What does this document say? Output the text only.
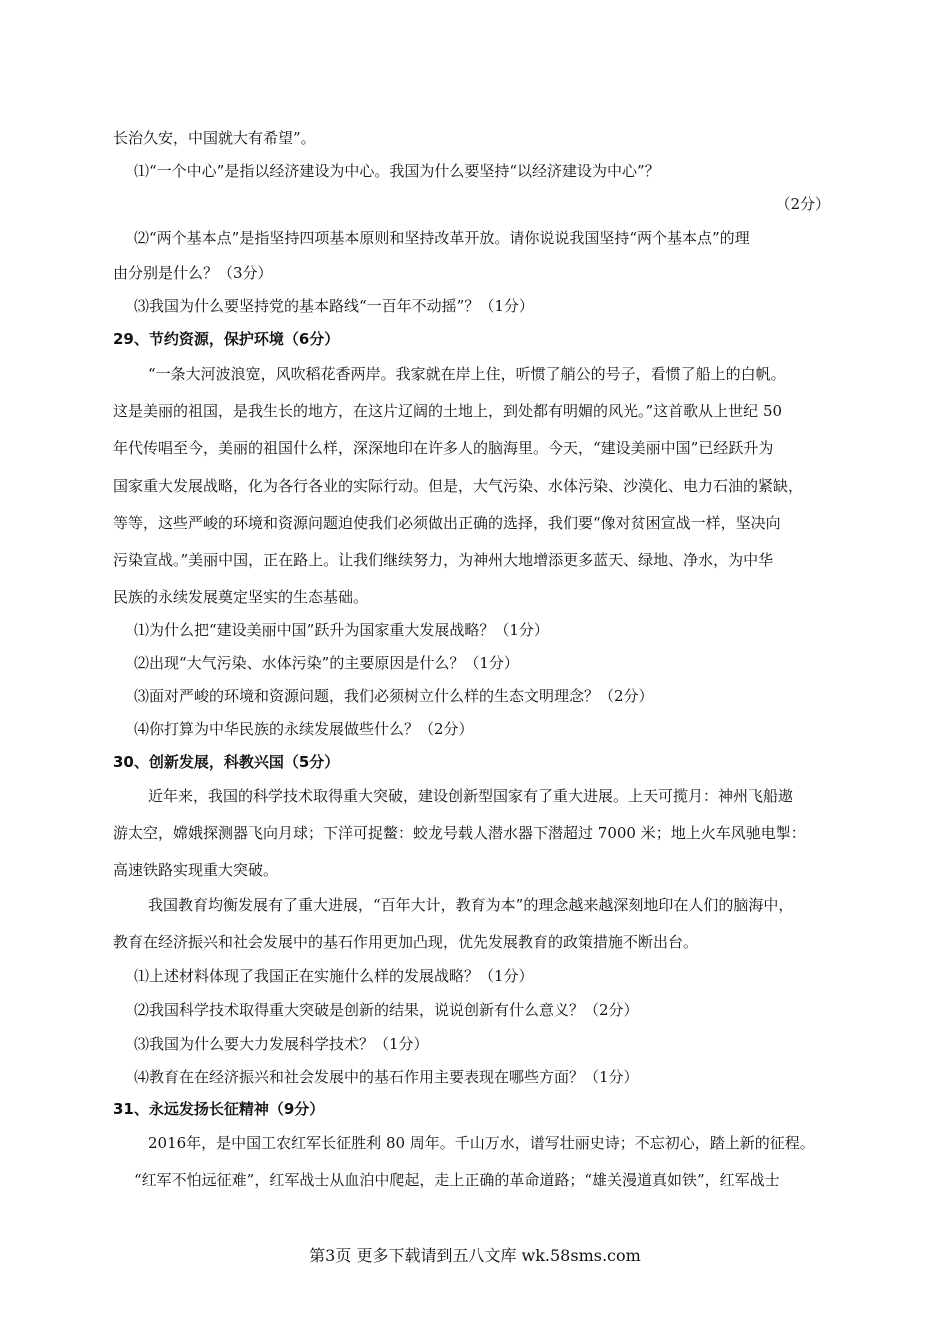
长治久安，中国就大有希望”。
⑴“一个中心”是指以经济建设为中心。我国为什么要坚持“以经济建设为中心”？
（2分）
⑵“两个基本点”是指坚持四项基本原则和坚持改革开放。请你说说我国坚持“两个基本点”的理
由分别是什么？（3分）
⑶我国为什么要坚持党的基本路线“一百年不动摇”？（1分）
29、节约资源，保护环境（6分）
“一条大河波浪宽，风吹稻花香两岸。我家就在岸上住，听惯了艄公的号子，看惯了船上的白帆。
这是美丽的祖国，是我生长的地方，在这片辽阔的土地上，到处都有明媚的风光。”这首歌从上世纪 50
年代传唱至今，美丽的祖国什么样，深深地印在许多人的脑海里。今天，“建设美丽中国”已经跃升为
国家重大发展战略，化为各行各业的实际行动。但是，大气污染、水体污染、沙漠化、电力石油的紧缺，
等等，这些严峻的环境和资源问题迫使我们必须做出正确的选择，我们要“像对贫困宣战一样，坚决向
污染宣战。”美丽中国，正在路上。让我们继续努力，为神州大地增添更多蓝天、绿地、净水，为中华
民族的永续发展奠定坚实的生态基础。
⑴为什么把“建设美丽中国”跃升为国家重大发展战略？（1分）
⑵出现“大气污染、水体污染”的主要原因是什么？（1分）
⑶面对严峻的环境和资源问题，我们必须树立什么样的生态文明理念？（2分）
⑷你打算为中华民族的永续发展做些什么？（2分）
30、创新发展，科教兴国（5分）
近年来，我国的科学技术取得重大突破，建设创新型国家有了重大进展。上天可揽月：神州飞船遨
游太空，嫦娥探测器飞向月球；下洋可捉鳖：蛟龙号载人潜水器下潜超过 7000 米；地上火车风驰电掣：
高速铁路实现重大突破。
我国教育均衡发展有了重大进展，“百年大计，教育为本”的理念越来越深刻地印在人们的脑海中，
教育在经济振兴和社会发展中的基石作用更加凸现，优先发展教育的政策措施不断出台。
⑴上述材料体现了我国正在实施什么样的发展战略？（1分）
⑵我国科学技术取得重大突破是创新的结果，说说创新有什么意义？（2分）
⑶我国为什么要大力发展科学技术？（1分）
⑷教育在在经济振兴和社会发展中的基石作用主要表现在哪些方面？（1分）
31、永远发扬长征精神（9分）
2016年，是中国工农红军长征胜利 80 周年。千山万水，谱写壮丽史诗；不忘初心，踏上新的征程。
“红军不怕远征难”，红军战士从血泊中爬起，走上正确的革命道路；“雄关漫道真如铁”，红军战士
第3页 更多下载请到五八文库 wk.58sms.com
